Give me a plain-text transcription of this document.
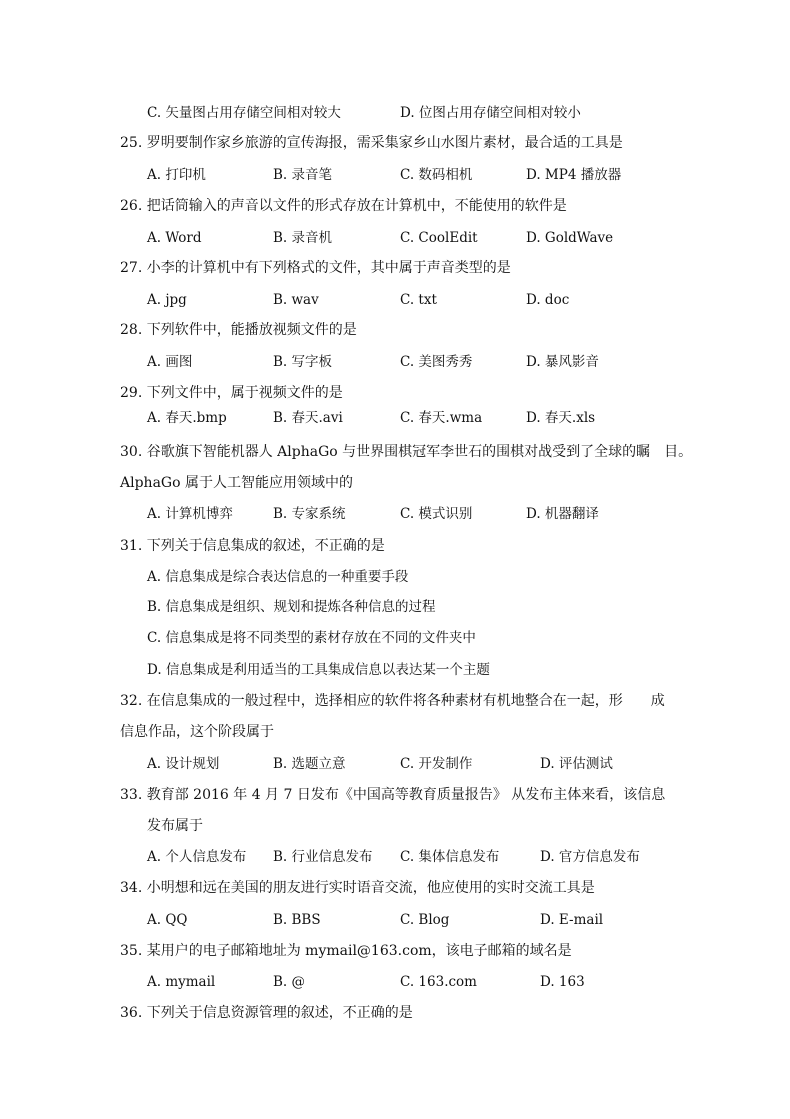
C. 矢量图占用存储空间相对较大	D. 位图占用存储空间相对较小
25. 罗明要制作家乡旅游的宣传海报，需采集家乡山水图片素材，最合适的工具是
A. 打印机	B. 录音笔	C. 数码相机	D. MP4 播放器
26. 把话筒输入的声音以文件的形式存放在计算机中，不能使用的软件是
A. Word	B. 录音机	C. CoolEdit	D. GoldWave
27. 小李的计算机中有下列格式的文件，其中属于声音类型的是
A. jpg	B. wav	C. txt	D. doc
28. 下列软件中，能播放视频文件的是
A. 画图	B. 写字板	C. 美图秀秀	D. 暴风影音
29. 下列文件中，属于视频文件的是
A. 春天.bmp	B. 春天.avi	C. 春天.wma	D. 春天.xls
30. 谷歌旗下智能机器人 AlphaGo 与世界围棋冠军李世石的围棋对战受到了全球的瞩　目。
AlphaGo 属于人工智能应用领域中的
A. 计算机博弈	B. 专家系统	C. 模式识别	D. 机器翻译
31. 下列关于信息集成的叙述，不正确的是
A. 信息集成是综合表达信息的一种重要手段
B. 信息集成是组织、规划和提炼各种信息的过程
C. 信息集成是将不同类型的素材存放在不同的文件夹中
D. 信息集成是利用适当的工具集成信息以表达某一个主题
32. 在信息集成的一般过程中，选择相应的软件将各种素材有机地整合在一起，形　　成
信息作品，这个阶段属于
A. 设计规划	B. 选题立意	C. 开发制作	D. 评估测试
33. 教育部 2016 年 4 月 7 日发布《中国高等教育质量报告》 从发布主体来看，该信息
发布属于
A. 个人信息发布 B. 行业信息发布 C. 集体信息发布	D. 官方信息发布
34. 小明想和远在美国的朋友进行实时语音交流，他应使用的实时交流工具是
A. QQ	B. BBS	C. Blog	D. E-mail
35. 某用户的电子邮箱地址为 mymail@163.com，该电子邮箱的域名是
A. mymail	B. @	C. 163.com	D. 163
36. 下列关于信息资源管理的叙述，不正确的是
